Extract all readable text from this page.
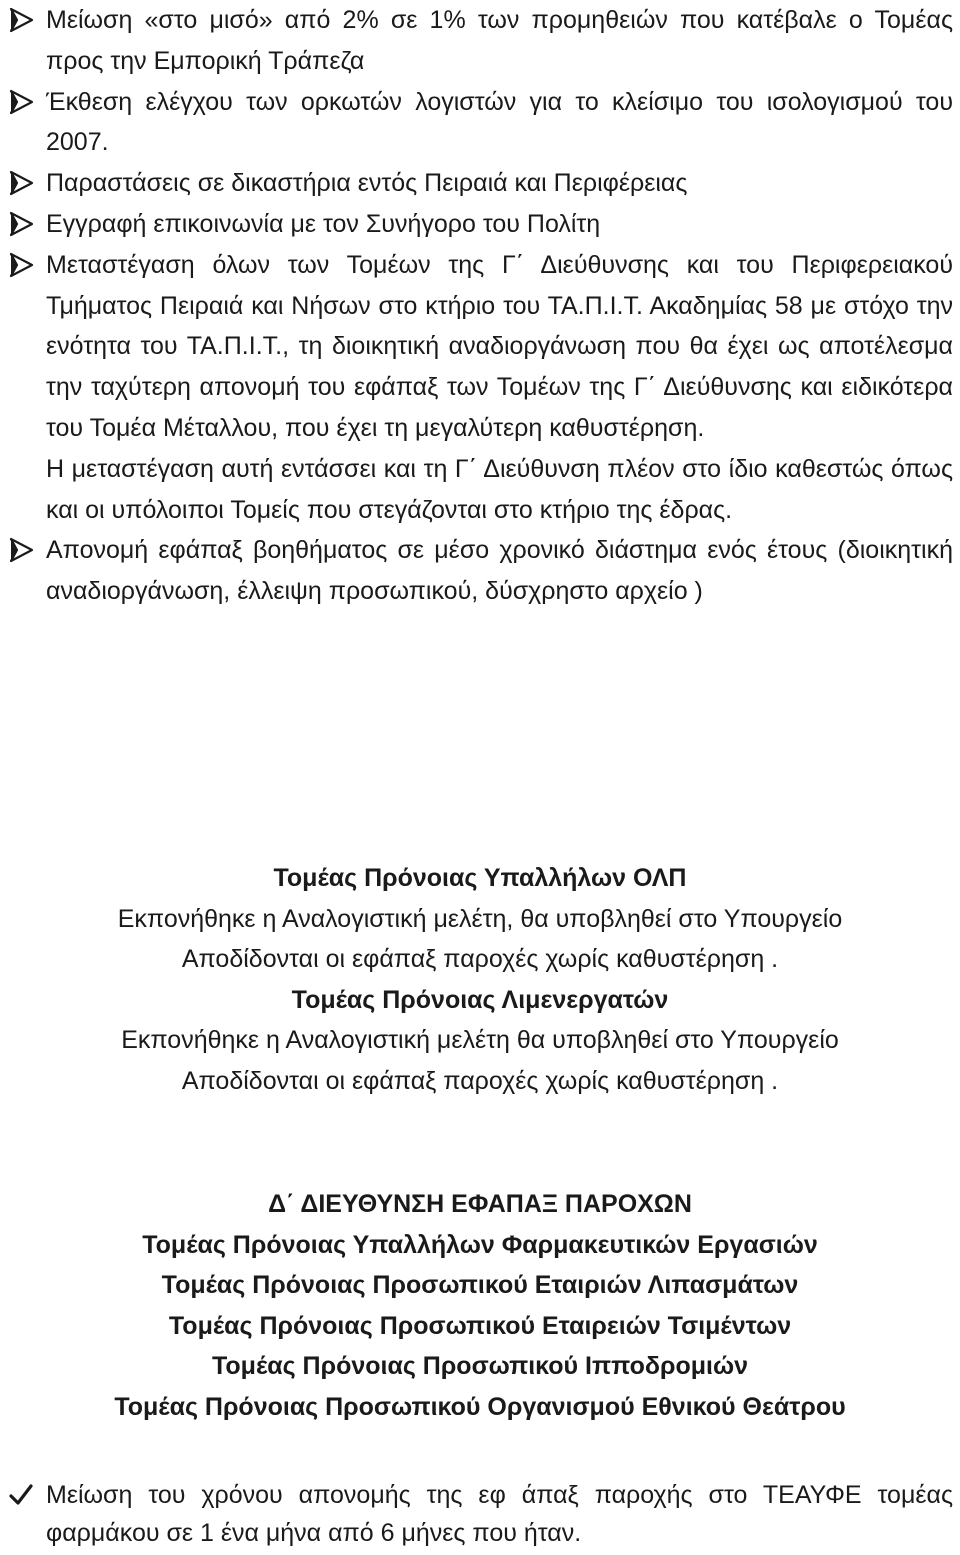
Μείωση «στο μισό» από 2% σε 1% των προμηθειών που κατέβαλε ο Τομέας προς την Εμπορική Τράπεζα
Έκθεση ελέγχου των ορκωτών λογιστών για το κλείσιμο του ισολογισμού του 2007.
Παραστάσεις σε δικαστήρια εντός Πειραιά και Περιφέρειας
Εγγραφή επικοινωνία με τον Συνήγορο του Πολίτη
Μεταστέγαση όλων των Τομέων της Γ΄ Διεύθυνσης και του Περιφερειακού Τμήματος Πειραιά και Νήσων στο κτήριο του ΤΑ.Π.Ι.Τ. Ακαδημίας 58 με στόχο την ενότητα του ΤΑ.Π.Ι.Τ., τη διοικητική αναδιοργάνωση που θα έχει ως αποτέλεσμα την ταχύτερη απονομή του εφάπαξ των Τομέων της Γ΄ Διεύθυνσης και ειδικότερα του Τομέα Μέταλλου, που έχει τη μεγαλύτερη καθυστέρηση.
Η μεταστέγαση αυτή εντάσσει και τη Γ΄ Διεύθυνση πλέον στο ίδιο καθεστώς όπως και οι υπόλοιποι Τομείς που στεγάζονται στο κτήριο της έδρας.
Απονομή εφάπαξ βοηθήματος σε μέσο χρονικό διάστημα ενός έτους (διοικητική αναδιοργάνωση, έλλειψη προσωπικού, δύσχρηστο αρχείο )
Τομέας Πρόνοιας Υπαλλήλων ΟΛΠ
Εκπονήθηκε η Αναλογιστική μελέτη, θα υποβληθεί στο Υπουργείο
Αποδίδονται οι εφάπαξ παροχές χωρίς καθυστέρηση .
Τομέας Πρόνοιας Λιμενεργατών
Εκπονήθηκε η Αναλογιστική μελέτη θα υποβληθεί στο Υπουργείο
Αποδίδονται οι εφάπαξ παροχές χωρίς καθυστέρηση .
Δ΄ ΔΙΕΥΘΥΝΣΗ ΕΦΑΠΑΞ ΠΑΡΟΧΩΝ
Τομέας Πρόνοιας Υπαλλήλων Φαρμακευτικών Εργασιών
Τομέας Πρόνοιας Προσωπικού Εταιριών Λιπασμάτων
Τομέας Πρόνοιας Προσωπικού Εταιρειών Τσιμέντων
Τομέας Πρόνοιας Προσωπικού Ιπποδρομιών
Τομέας Πρόνοιας Προσωπικού Οργανισμού Εθνικού Θεάτρου
Μείωση του χρόνου απονομής της εφ άπαξ παροχής στο ΤΕΑΥΦΕ τομέας φαρμάκου σε 1 ένα μήνα από 6 μήνες που ήταν.
